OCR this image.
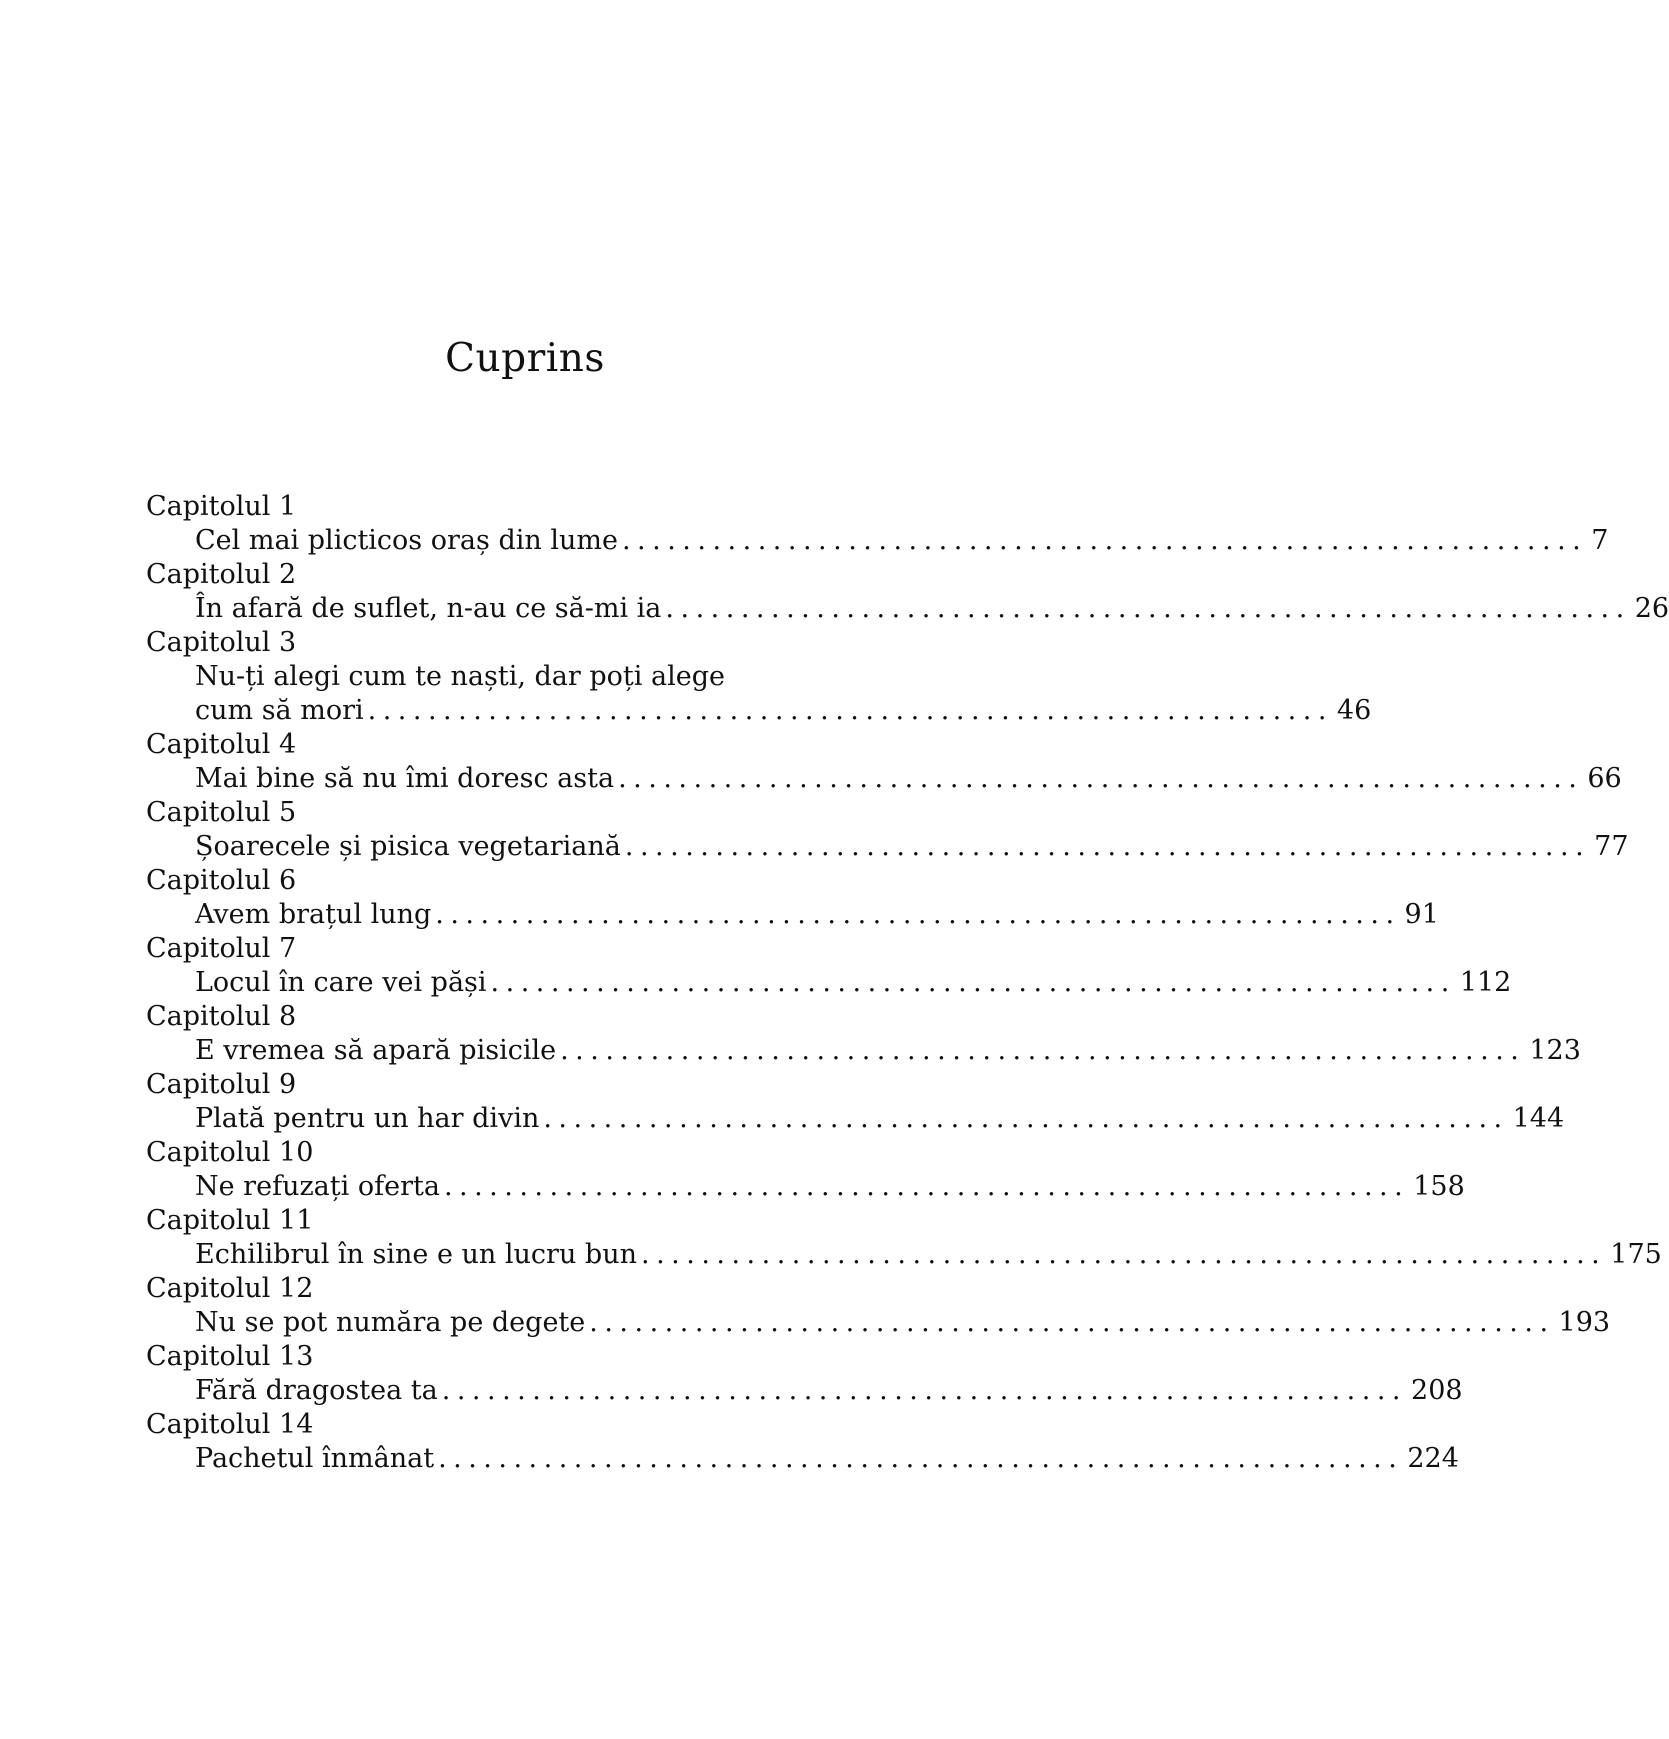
Cuprins
Capitolul 1
Cel mai plicticos oraș din lume ................................................................ 7
Capitolul 2
În afară de suflet, n-au ce să-mi ia ................................................................ 26
Capitolul 3
Nu-ți alegi cum te naști, dar poți alege
cum să mori ................................................................ 46
Capitolul 4
Mai bine să nu îmi doresc asta ................................................................ 66
Capitolul 5
Șoarecele și pisica vegetariană ................................................................ 77
Capitolul 6
Avem brațul lung ................................................................ 91
Capitolul 7
Locul în care vei păși ................................................................ 112
Capitolul 8
E vremea să apară pisicile ................................................................ 123
Capitolul 9
Plată pentru un har divin ................................................................ 144
Capitolul 10
Ne refuzați oferta ................................................................ 158
Capitolul 11
Echilibrul în sine e un lucru bun ................................................................ 175
Capitolul 12
Nu se pot număra pe degete ................................................................ 193
Capitolul 13
Fără dragostea ta ................................................................ 208
Capitolul 14
Pachetul înmânat ................................................................ 224
